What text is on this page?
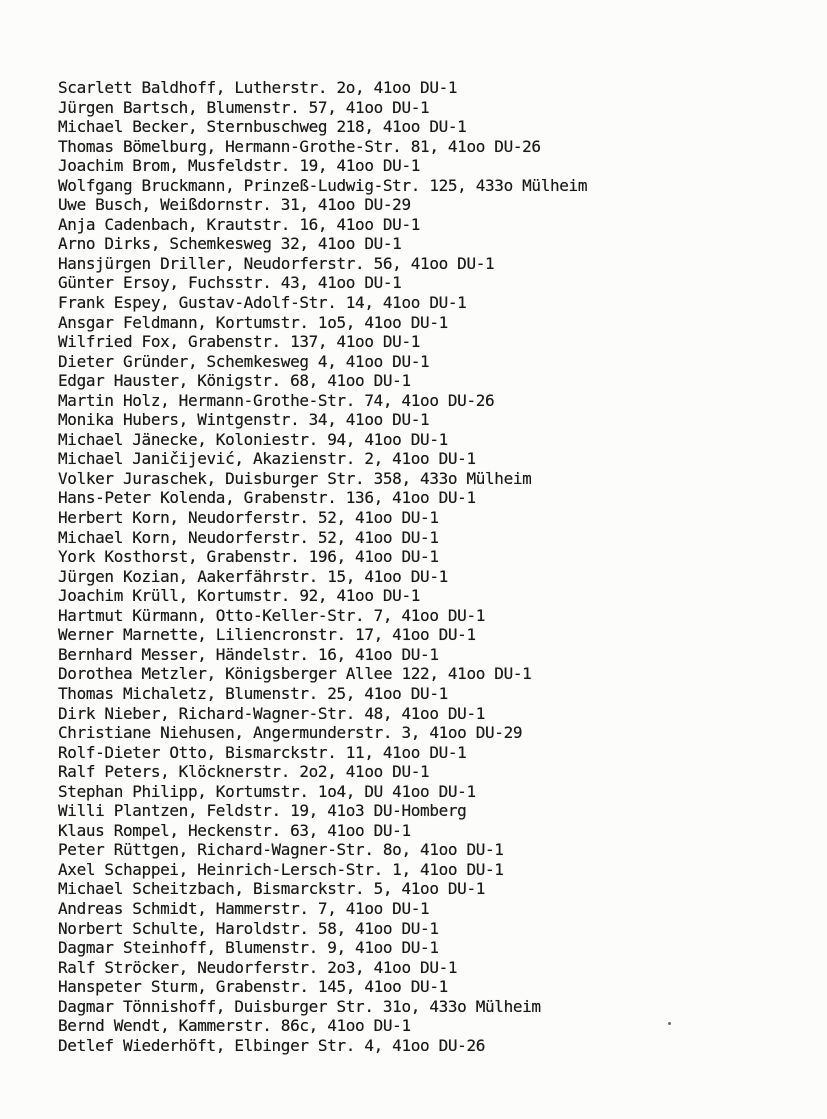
Scarlett Baldhoff, Lutherstr. 2o, 41oo DU-1
Jürgen Bartsch, Blumenstr. 57, 41oo DU-1
Michael Becker, Sternbuschweg 218, 41oo DU-1
Thomas Bömelburg, Hermann-Grothe-Str. 81, 41oo DU-26
Joachim Brom, Musfeldstr. 19, 41oo DU-1
Wolfgang Bruckmann, Prinzeß-Ludwig-Str. 125, 433o Mülheim
Uwe Busch, Weißdornstr. 31, 41oo DU-29
Anja Cadenbach, Krautstr. 16, 41oo DU-1
Arno Dirks, Schemkesweg 32, 41oo DU-1
Hansjürgen Driller, Neudorferstr. 56, 41oo DU-1
Günter Ersoy, Fuchsstr. 43, 41oo DU-1
Frank Espey, Gustav-Adolf-Str. 14, 41oo DU-1
Ansgar Feldmann, Kortumstr. 1o5, 41oo DU-1
Wilfried Fox, Grabenstr. 137, 41oo DU-1
Dieter Gründer, Schemkesweg 4, 41oo DU-1
Edgar Hauster, Königstr. 68, 41oo DU-1
Martin Holz, Hermann-Grothe-Str. 74, 41oo DU-26
Monika Hubers, Wintgenstr. 34, 41oo DU-1
Michael Jänecke, Koloniestr. 94, 41oo DU-1
Michael Janičijević, Akazienstr. 2, 41oo DU-1
Volker Juraschek, Duisburger Str. 358, 433o Mülheim
Hans-Peter Kolenda, Grabenstr. 136, 41oo DU-1
Herbert Korn, Neudorferstr. 52, 41oo DU-1
Michael Korn, Neudorferstr. 52, 41oo DU-1
York Kosthorst, Grabenstr. 196, 41oo DU-1
Jürgen Kozian, Aakerfährstr. 15, 41oo DU-1
Joachim Krüll, Kortumstr. 92, 41oo DU-1
Hartmut Kürmann, Otto-Keller-Str. 7, 41oo DU-1
Werner Marnette, Liliencronstr. 17, 41oo DU-1
Bernhard Messer, Händelstr. 16, 41oo DU-1
Dorothea Metzler, Königsberger Allee 122, 41oo DU-1
Thomas Michaletz, Blumenstr. 25, 41oo DU-1
Dirk Nieber, Richard-Wagner-Str. 48, 41oo DU-1
Christiane Niehusen, Angermunderstr. 3, 41oo DU-29
Rolf-Dieter Otto, Bismarckstr. 11, 41oo DU-1
Ralf Peters, Klöcknerstr. 2o2, 41oo DU-1
Stephan Philipp, Kortumstr. 1o4, DU 41oo DU-1
Willi Plantzen, Feldstr. 19, 41o3 DU-Homberg
Klaus Rompel, Heckenstr. 63, 41oo DU-1
Peter Rüttgen, Richard-Wagner-Str. 8o, 41oo DU-1
Axel Schappei, Heinrich-Lersch-Str. 1, 41oo DU-1
Michael Scheitzbach, Bismarckstr. 5, 41oo DU-1
Andreas Schmidt, Hammerstr. 7, 41oo DU-1
Norbert Schulte, Haroldstr. 58, 41oo DU-1
Dagmar Steinhoff, Blumenstr. 9, 41oo DU-1
Ralf Ströcker, Neudorferstr. 2o3, 41oo DU-1
Hanspeter Sturm, Grabenstr. 145, 41oo DU-1
Dagmar Tönnishoff, Duisburger Str. 31o, 433o Mülheim
Bernd Wendt, Kammerstr. 86c, 41oo DU-1
Detlef Wiederhöft, Elbinger Str. 4, 41oo DU-26
